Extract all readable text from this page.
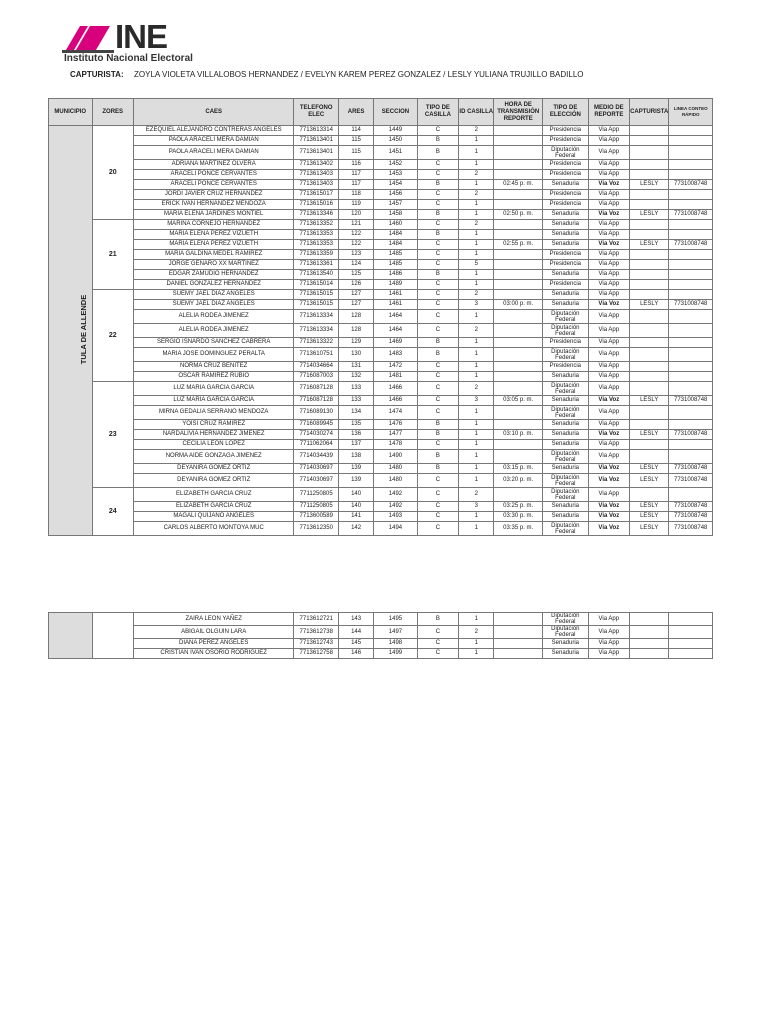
INE
Instituto Nacional Electoral
CAPTURISTA: ZOYLA VIOLETA VILLALOBOS HERNANDEZ / EVELYN KAREM PEREZ GONZALEZ / LESLY YULIANA TRUJILLO BADILLO
MUNICIPIO	ZORES	CAES	TELEFONO ELEC	ARES	SECCION	TIPO DE CASILLA	ID CASILLA	HORA DE TRANSMISIÓN REPORTE	TIPO DE ELECCIÓN	MEDIO DE REPORTE	CAPTURISTA	LINEA CONTEO RÁPIDO
TULA DE ALLENDE	20	EZEQUIEL ALEJANDRO CONTRERAS ANGELES	7713613314	114	1449	C	2		Presidencia	Via App		
		PAOLA ARACELI MERA DAMIAN	7713613401	115	1450	B	1		Presidencia	Via App		
		PAOLA ARACELI MERA DAMIAN	7713613401	115	1451	B	1		Diputación Federal	Via App		
		ADRIANA MARTINEZ OLVERA	7713613402	116	1452	C	1		Presidencia	Via App		
		ARACELI PONCE CERVANTES	7713613403	117	1453	C	2		Presidencia	Via App		
		ARACELI PONCE CERVANTES	7713613403	117	1454	B	1	02:45 p. m.	Senaduria	Via Voz	LESLY	7731008748
		JORDI JAVIER CRUZ HERNANDEZ	7713615017	118	1456	C	2		Presidencia	Via App		
		ERICK IVAN HERNANDEZ MENDOZA	7713615016	119	1457	C	1		Presidencia	Via App		
		MARIA ELENA JARDINES MONTIEL	7713613346	120	1458	B	1	02:50 p. m.	Senaduria	Via Voz	LESLY	7731008748
	21	MARINA CORNEJO HERNANDEZ	7713613352	121	1460	C	2		Senaduria	Via App		
		MARIA ELENA PEREZ VIZUETH	7713613353	122	1484	B	1		Senaduria	Via App		
		MARIA ELENA PEREZ VIZUETH	7713613353	122	1484	C	1	02:55 p. m.	Senaduria	Via Voz	LESLY	7731008748
		MARIA GALDINA MEDEL RAMIREZ	7713613359	123	1485	C	1		Presidencia	Via App		
		JORGE GENARO XX MARTINEZ	7713613361	124	1485	C	5		Presidencia	Via App		
		EDGAR ZAMUDIO HERNANDEZ	7713613540	125	1486	B	1		Senaduria	Via App		
		DANIEL GONZALEZ HERNANDEZ	7713615014	126	1489	C	1		Presidencia	Via App		
	22	SUEMY JAEL DIAZ ANGELES	7713615015	127	1461	C	2		Senaduria	Via App		
		SUEMY JAEL DIAZ ANGELES	7713615015	127	1461	C	3	03:00 p. m.	Senaduria	Via Voz	LESLY	7731008748
		ALELIA RODEA JIMENEZ	7713613334	128	1464	C	1		Diputación Federal	Via App		
		ALELIA RODEA JIMENEZ	7713613334	128	1464	C	2		Diputación Federal	Via App		
		SERGIO ISNARDO SANCHEZ CABRERA	7713613322	129	1469	B	1		Presidencia	Via App		
		MARIA JOSE DOMINGUEZ PERALTA	7713610751	130	1483	B	1		Diputación Federal	Via App		
		NORMA CRUZ BENITEZ	7714034664	131	1472	C	1		Presidencia	Via App		
		OSCAR RAMIREZ RUBIO	7716087003	132	1481	C	1		Senaduria	Via App		
	23	LUZ MARIA GARCIA GARCIA	7716087128	133	1466	C	2		Diputación Federal	Via App		
		LUZ MARIA GARCIA GARCIA	7716087128	133	1466	C	3	03:05 p. m.	Senaduria	Via Voz	LESLY	7731008748
		MIRNA GEDALIA SERRANO MENDOZA	7716089130	134	1474	C	1		Diputación Federal	Via App		
		YOISI CRUZ RAMIREZ	7716089945	135	1476	B	1		Senaduria	Via App		
		NARDALIVIA HERNANDEZ JIMENEZ	7714030274	136	1477	B	1	03:10 p. m.	Senaduria	Via Voz	LESLY	7731008748
		CECILIA LEON LOPEZ	7711062064	137	1478	C	1		Senaduria	Via App		
		NORMA AIDE GONZAGA JIMENEZ	7714034439	138	1490	B	1		Diputación Federal	Via App		
		DEYANIRA GOMEZ ORTIZ	7714030697	139	1480	B	1	03:15 p. m.	Senaduria	Via Voz	LESLY	7731008748
		DEYANIRA GOMEZ ORTIZ	7714030697	139	1480	C	1	03:20 p. m.	Diputación Federal	Via Voz	LESLY	7731008748
	24	ELIZABETH GARCIA CRUZ	7711250805	140	1492	C	2		Diputación Federal	Via App		
		ELIZABETH GARCIA CRUZ	7711250805	140	1492	C	3	03:25 p. m.	Senaduria	Via Voz	LESLY	7731008748
		MAGALI QUIJANO ANGELES	7713600589	141	1493	C	1	03:30 p. m.	Senaduria	Via Voz	LESLY	7731008748
		CARLOS ALBERTO MONTOYA MUC	7713612350	142	1494	C	1	03:35 p. m.	Diputación Federal	Via Voz	LESLY	7731008748
		ZAIRA LEON YAÑEZ	7713612721	143	1495	B	1		Diputación Federal	Via App		
		ABIGAIL OLGUIN LARA	7713612738	144	1497	C	2		Diputación Federal	Via App		
		DIANA PEREZ ANGELES	7713612743	145	1498	C	1		Senaduria	Via App		
		CRISTIAN IVAN OSORIO RODRIGUEZ	7713612758	146	1499	C	1		Senaduria	Via App		
